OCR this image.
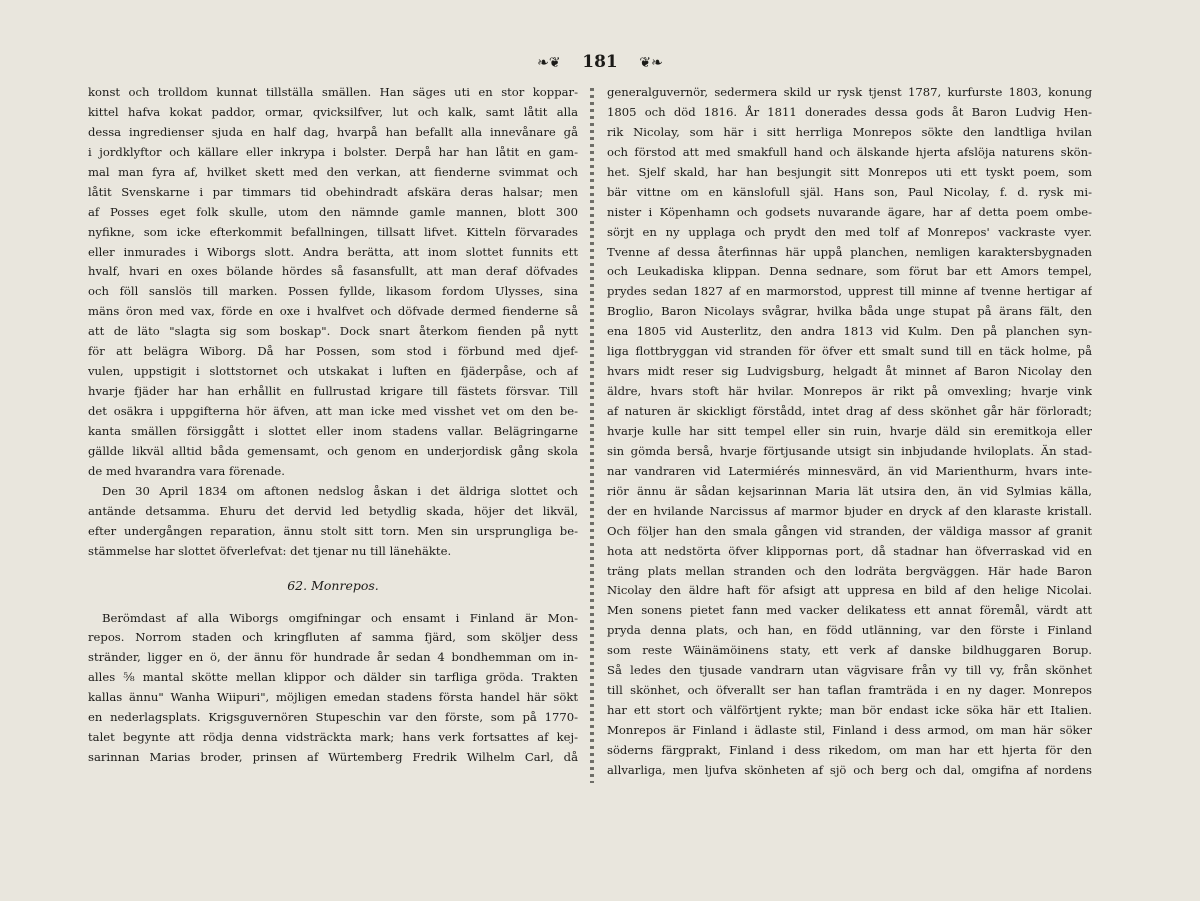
❧❦ 181 ❦❧
konst och trolldom kunnat tillställa smällen. Han säges uti en stor koppar-
kittel hafva kokat paddor, ormar, qvicksilfver, lut och kalk, samt låtit alla
dessa ingredienser sjuda en half dag, hvarpå han befallt alla innevånare gå
i jordklyftor och källare eller inkrypa i bolster. Derpå har han låtit en gam-
mal man fyra af, hvilket skett med den verkan, att fienderne svimmat och
låtit Svenskarne i par timmars tid obehindradt afskära deras halsar; men
af Posses eget folk skulle, utom den nämnde gamle mannen, blott 300
nyfikne, som icke efterkommit befallningen, tillsatt lifvet. Kitteln förvarades
eller inmurades i Wiborgs slott. Andra berätta, att inom slottet funnits ett
hvalf, hvari en oxes bölande hördes så fasansfullt, att man deraf döfvades
och föll sanslös till marken. Possen fyllde, likasom fordom Ulysses, sina
mäns öron med vax, förde en oxe i hvalfvet och döfvade dermed fienderne så
att de läto "slagta sig som boskap". Dock snart återkom fienden på nytt
för att belägra Wiborg. Då har Possen, som stod i förbund med djef-
vulen, uppstigit i slottstornet och utskakat i luften en fjäderpåse, och af
hvarje fjäder har han erhållit en fullrustad krigare till fästets försvar. Till
det osäkra i uppgifterna hör äfven, att man icke med visshet vet om den be-
kanta smällen försiggått i slottet eller inom stadens vallar. Belägringarne
gällde likväl alltid båda gemensamt, och genom en underjordisk gång skola
de med hvarandra vara förenade.
Den 30 April 1834 om aftonen nedslog åskan i det äldriga slottet och
antände detsamma. Ehuru det dervid led betydlig skada, höjer det likväl,
efter undergången reparation, ännu stolt sitt torn. Men sin ursprungliga be-
stämmelse har slottet öfverlefvat: det tjenar nu till länehäkte.
62. Monrepos.
Berömdast af alla Wiborgs omgifningar och ensamt i Finland är Mon-
repos. Norrom staden och kringfluten af samma fjärd, som sköljer dess
stränder, ligger en ö, der ännu för hundrade år sedan 4 bondhemman om in-
alles ⅝ mantal skötte mellan klippor och dälder sin tarfliga gröda. Trakten
kallas ännu" Wanha Wiipuri", möjligen emedan stadens första handel här sökt
en nederlagsplats. Krigsguvernören Stupeschin var den förste, som på 1770-
talet begynte att rödja denna vidsträckta mark; hans verk fortsattes af kej-
sarinnan Marias broder, prinsen af Würtemberg Fredrik Wilhelm Carl, då
generalguvernör, sedermera skild ur rysk tjenst 1787, kurfurste 1803, konung
1805 och död 1816. År 1811 donerades dessa gods åt Baron Ludvig Hen-
rik Nicolay, som här i sitt herrliga Monrepos sökte den landtliga hvilan
och förstod att med smakfull hand och älskande hjerta afslöja naturens skön-
het. Sjelf skald, har han besjungit sitt Monrepos uti ett tyskt poem, som
bär vittne om en känslofull själ. Hans son, Paul Nicolay, f. d. rysk mi-
nister i Köpenhamn och godsets nuvarande ägare, har af detta poem ombe-
sörjt en ny upplaga och prydt den med tolf af Monrepos' vackraste vyer.
Tvenne af dessa återfinnas här uppå planchen, nemligen karaktersbygnaden
och Leukadiska klippan. Denna sednare, som förut bar ett Amors tempel,
prydes sedan 1827 af en marmorstod, upprest till minne af tvenne hertigar af
Broglio, Baron Nicolays svågrar, hvilka båda unge stupat på ärans fält, den
ena 1805 vid Austerlitz, den andra 1813 vid Kulm. Den på planchen syn-
liga flottbryggan vid stranden för öfver ett smalt sund till en täck holme, på
hvars midt reser sig Ludvigsburg, helgadt åt minnet af Baron Nicolay den
äldre, hvars stoft här hvilar. Monrepos är rikt på omvexling; hvarje vink
af naturen är skickligt förstådd, intet drag af dess skönhet går här förloradt;
hvarje kulle har sitt tempel eller sin ruin, hvarje däld sin eremitkoja eller
sin gömda berså, hvarje förtjusande utsigt sin inbjudande hviloplats. Än stad-
nar vandraren vid Latermiérés minnesvärd, än vid Marienthurm, hvars inte-
riör ännu är sådan kejsarinnan Maria lät utsira den, än vid Sylmias källa,
der en hvilande Narcissus af marmor bjuder en dryck af den klaraste kristall.
Och följer han den smala gången vid stranden, der väldiga massor af granit
hota att nedstörta öfver klippornas port, då stadnar han öfverraskad vid en
träng plats mellan stranden och den lodräta bergväggen. Här hade Baron
Nicolay den äldre haft för afsigt att uppresa en bild af den helige Nicolai.
Men sonens pietet fann med vacker delikatess ett annat föremål, värdt att
pryda denna plats, och han, en född utlänning, var den förste i Finland
som reste Wäinämöinens staty, ett verk af danske bildhuggaren Borup.
Så ledes den tjusade vandrarn utan vägvisare från vy till vy, från skönhet
till skönhet, och öfverallt ser han taflan framträda i en ny dager. Monrepos
har ett stort och välförtjent rykte; man bör endast icke söka här ett Italien.
Monrepos är Finland i ädlaste stil, Finland i dess armod, om man här söker
söderns färgprakt, Finland i dess rikedom, om man har ett hjerta för den
allvarliga, men ljufva skönheten af sjö och berg och dal, omgifna af nordens
